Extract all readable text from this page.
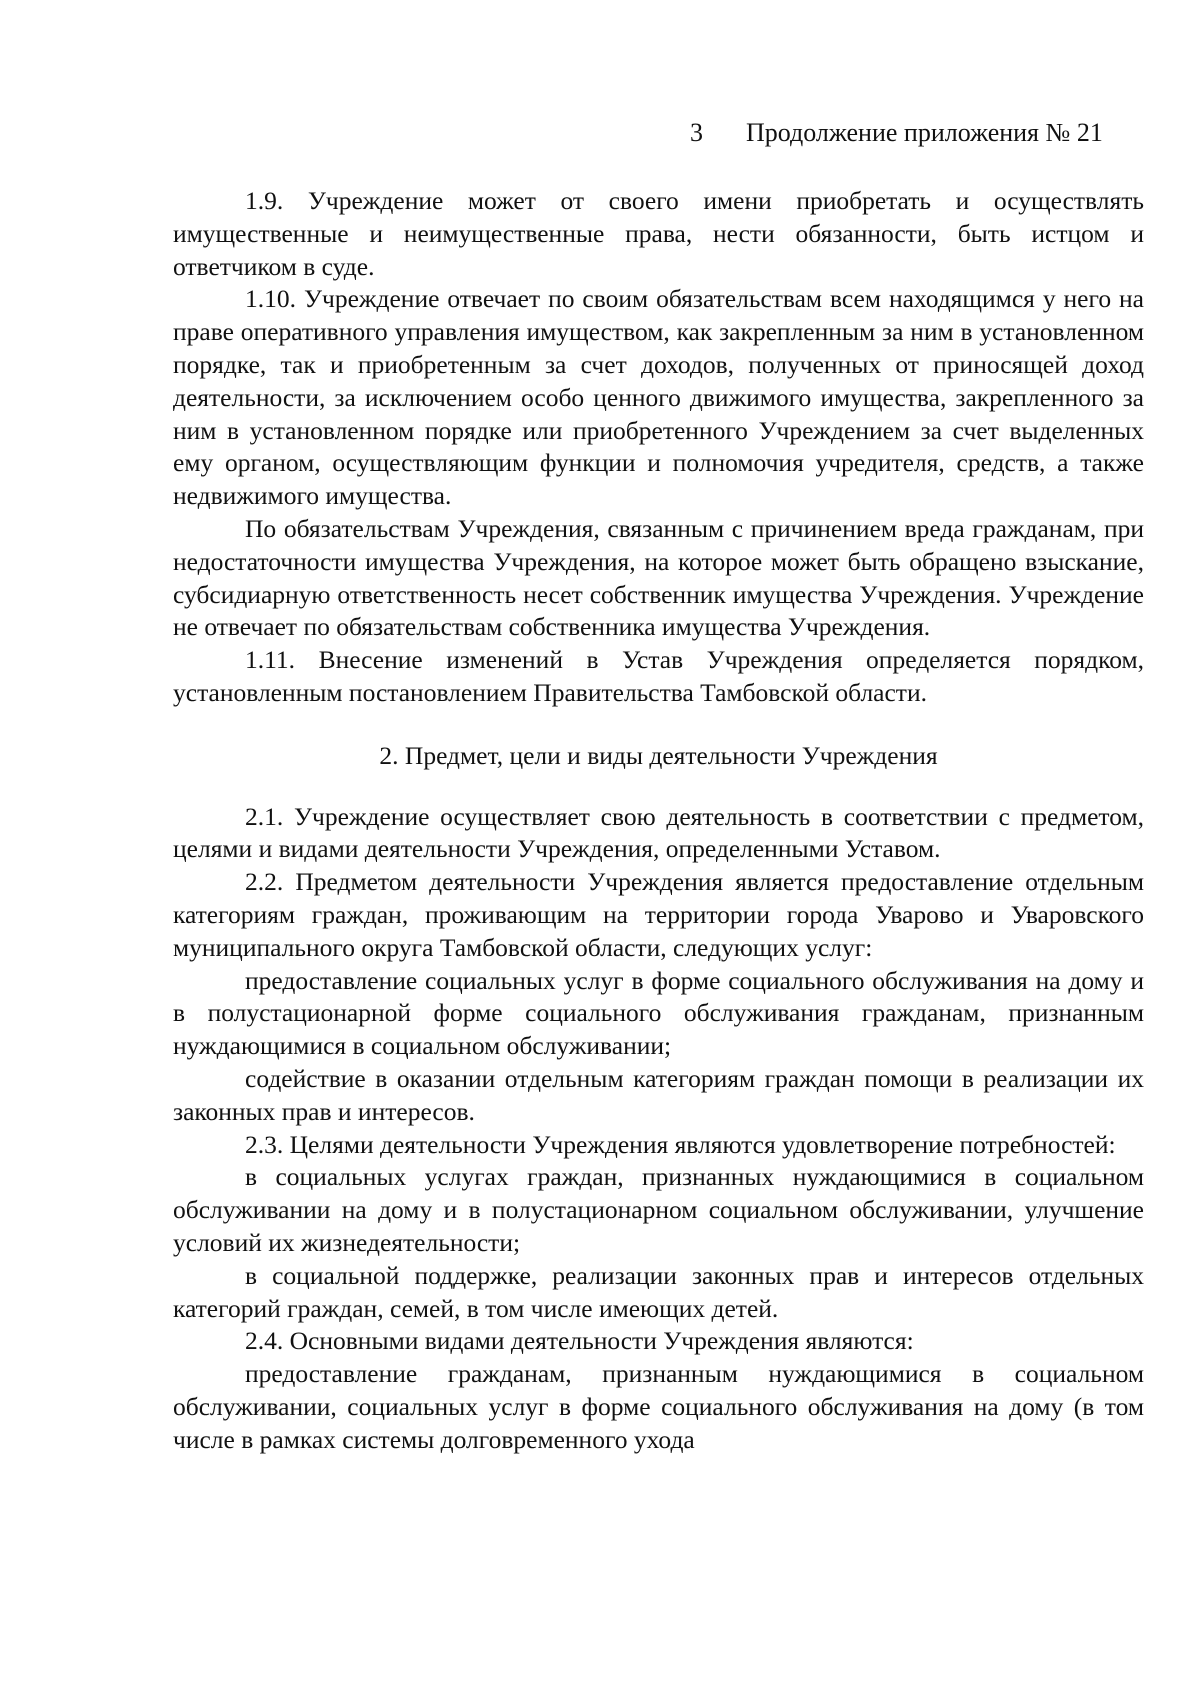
3 Продолжение приложения № 21

1.9. Учреждение может от своего имени приобретать и осуществлять имущественные и неимущественные права, нести обязанности, быть истцом и ответчиком в суде.

1.10. Учреждение отвечает по своим обязательствам всем находящимся у него на праве оперативного управления имуществом, как закрепленным за ним в установленном порядке, так и приобретенным за счет доходов, полученных от приносящей доход деятельности, за исключением особо ценного движимого имущества, закрепленного за ним в установленном порядке или приобретенного Учреждением за счет выделенных ему органом, осуществляющим функции и полномочия учредителя, средств, а также недвижимого имущества.

По обязательствам Учреждения, связанным с причинением вреда гражданам, при недостаточности имущества Учреждения, на которое может быть обращено взыскание, субсидиарную ответственность несет собственник имущества Учреждения. Учреждение не отвечает по обязательствам собственника имущества Учреждения.

1.11. Внесение изменений в Устав Учреждения определяется порядком, установленным постановлением Правительства Тамбовской области.

2. Предмет, цели и виды деятельности Учреждения

2.1. Учреждение осуществляет свою деятельность в соответствии с предметом, целями и видами деятельности Учреждения, определенными Уставом.

2.2. Предметом деятельности Учреждения является предоставление отдельным категориям граждан, проживающим на территории города Уварово и Уваровского муниципального округа Тамбовской области, следующих услуг:

предоставление социальных услуг в форме социального обслуживания на дому и в полустационарной форме социального обслуживания гражданам, признанным нуждающимися в социальном обслуживании;

содействие в оказании отдельным категориям граждан помощи в реализации их законных прав и интересов.

2.3. Целями деятельности Учреждения являются удовлетворение потребностей:

в социальных услугах граждан, признанных нуждающимися в социальном обслуживании на дому и в полустационарном социальном обслуживании, улучшение условий их жизнедеятельности;

в социальной поддержке, реализации законных прав и интересов отдельных категорий граждан, семей, в том числе имеющих детей.

2.4. Основными видами деятельности Учреждения являются:

предоставление гражданам, признанным нуждающимися в социальном обслуживании, социальных услуг в форме социального обслуживания на дому (в том числе в рамках системы долговременного ухода
